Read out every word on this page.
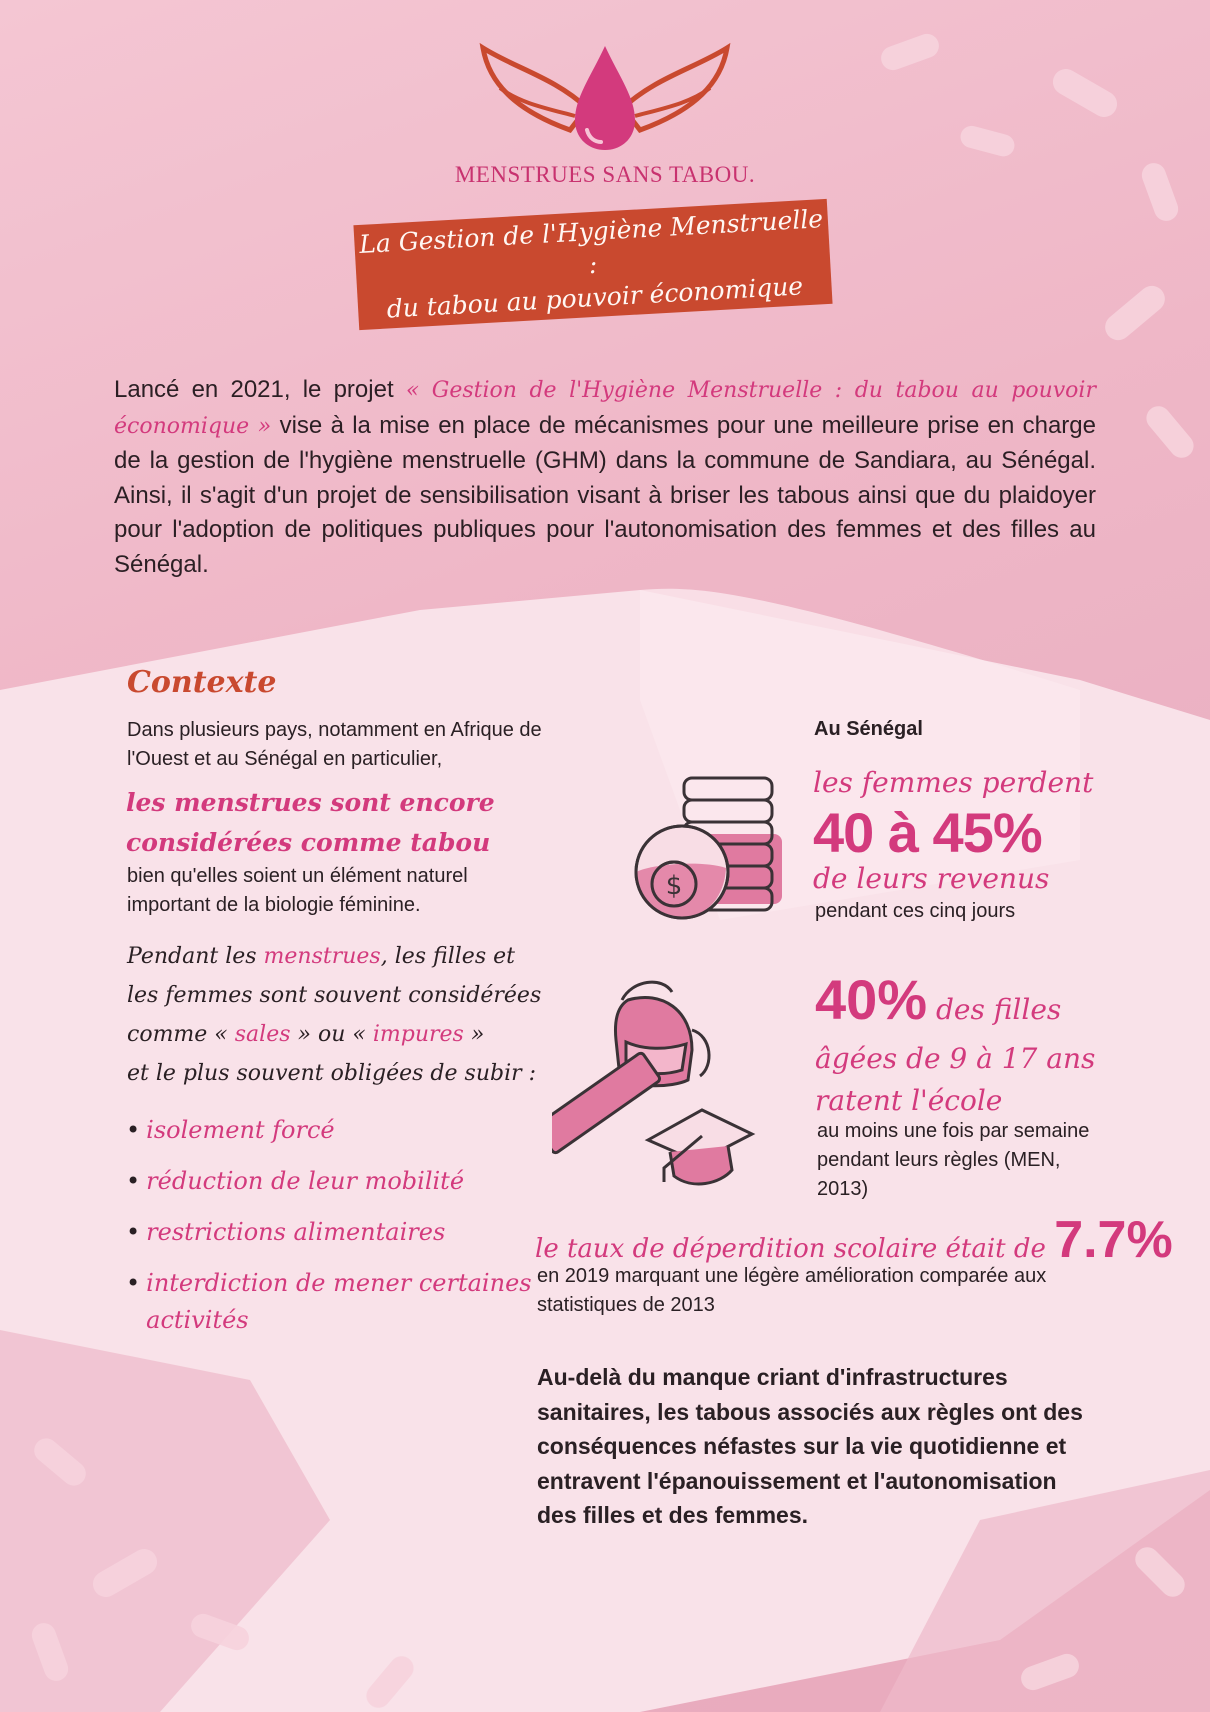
MENSTRUES SANS TABOU.
La Gestion de l'Hygiène Menstruelle :
du tabou au pouvoir économique

Lancé en 2021, le projet « Gestion de l'Hygiène Menstruelle : du tabou au pouvoir économique » vise à la mise en place de mécanismes pour une meilleure prise en charge de la gestion de l'hygiène menstruelle (GHM) dans la commune de Sandiara, au Sénégal. Ainsi, il s'agit d'un projet de sensibilisation visant à briser les tabous ainsi que du plaidoyer pour l'adoption de politiques publiques pour l'autonomisation des femmes et des filles au Sénégal.

Contexte
Dans plusieurs pays, notamment en Afrique de l'Ouest et au Sénégal en particulier,
les menstrues sont encore
considérées comme tabou
bien qu'elles soient un élément naturel important de la biologie féminine.
Pendant les menstrues, les filles et les femmes sont souvent considérées comme « sales » ou « impures »
et le plus souvent obligées de subir :
• isolement forcé
• réduction de leur mobilité
• restrictions alimentaires
• interdiction de mener certaines activités
$
Au Sénégal
les femmes perdent
40 à 45%
de leurs revenus
pendant ces cinq jours
40% des filles
âgées de 9 à 17 ans
ratent l'école
au moins une fois par semaine pendant leurs règles (MEN, 2013)
le taux de déperdition scolaire était de 7.7%
en 2019 marquant une légère amélioration comparée aux statistiques de 2013
Au-delà du manque criant d'infrastructures sanitaires, les tabous associés aux règles ont des conséquences néfastes sur la vie quotidienne et entravent l'épanouissement et l'autonomisation des filles et des femmes.
